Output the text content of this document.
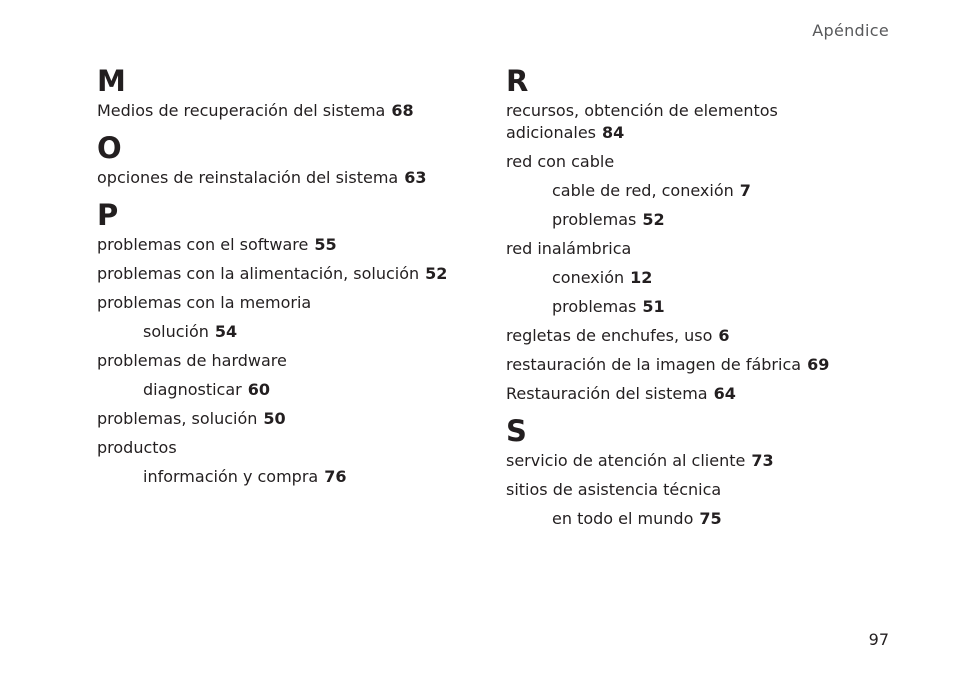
Apéndice
M
Medios de recuperación del sistema 68
O
opciones de reinstalación del sistema 63
P
problemas con el software 55
problemas con la alimentación, solución 52
problemas con la memoria
solución 54
problemas de hardware
diagnosticar 60
problemas, solución 50
productos
información y compra 76
R
recursos, obtención de elementos adicionales 84
red con cable
cable de red, conexión 7
problemas 52
red inalámbrica
conexión 12
problemas 51
regletas de enchufes, uso 6
restauración de la imagen de fábrica 69
Restauración del sistema 64
S
servicio de atención al cliente 73
sitios de asistencia técnica
en todo el mundo 75
97
